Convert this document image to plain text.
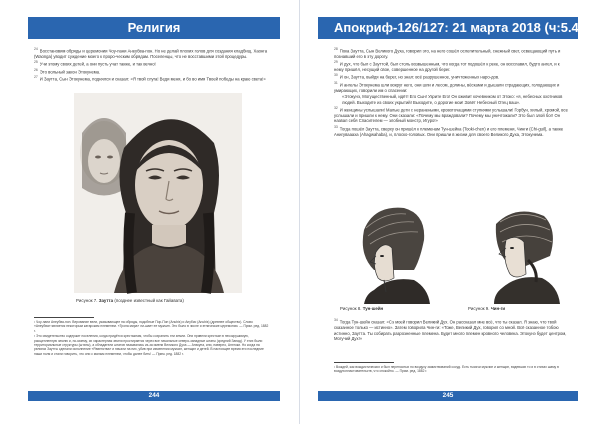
Религия

$^{24}$ Восстановим обряды и церемонии Чоу-пани Анеубва-пон. Но не делай плохих голов для создания кладбищ. Хаонга (Waonga) уводит суждение моего к проро-ческим обрядам. Поселенцы, что не восставшими этой процедуры.

$^{25}$ Учи этому своих детей, а они пусть учат также, и так вечно!

$^{26}$ Это вольный закон Этокунема.

$^{27}$ И Заутта, Сын Этокунема, поднялся и сказал: «Я твой слуга! Веди меня, и бо во имя Твоей победы на краю света!»

Рисунок 7. Заутта (позднее известный как Гайавата)

¹ Чоу-пани Анеубва-пон. Верование вели, указывающее на обряды, подобные Пор-Пон (Anubis) и Анубис (Anubis) (древнее общество). Слово «Анеубва» является некоторым катарским племенем. «Тропа мира» ли-шает ее мужчин. Это было в числе и этнические церемонии. — Прим. ред. 1882 г.

² Это свидетельство содержит поселения, когда придётся крестьянам, чтобы сохранить эти земли. Они привели крестьян в несокрушимую, расщепленную землю и, по-моему, их характерная земля простирается через все начальные северо-западные штаты (средний Запад). У этих были территориальные структуры (штаты), а обладатели штатов назывались из-за имени Великого Духа — Анэкуна, или, наверно, Анэтоки. Но когда на религии Заутты сделали исполнение «Равенства» и начали на них, убив при изменении мужчин, женщин и детей. В настоящее время эти последние наши поля и стали говорить, что они с малым племенем, чтобы далее бить! — Прим. ред. 1882 г.

244
Апокриф-126/127: 21 марта 2018 (ч:5.4 е.л.)

$^{28}$ Пока Заутта, Сын Великого Духа, говорил это, на него сошёл ослепительный, снежный свет, освещающий путь и познавший его в эту дорогу.

$^{29}$ И дух, что был с Зауттой, был столь возвышенным, что когда тот подошёл к реке, он восславил, будто ангел, и к нему пришёл, несущий свое, совершенное на другой берег.

$^{30}$ И он, Заутта, выйдя на берег, но знал: всё разрушенное, уничтоженных наро-дов.

$^{31}$ И ангелы Этокунема шли вокруг него, они шли и лесом, долины, вёсками и дышали страдающих, голодающих и умирающих, говорили им о спасении:

«Этокунэ, Могущественный, идёт! Его Сын! Узрите Его! Он оживит кочевником от Этоко: «я, небесных охотников людей. Выходите из своих укрытий! Выходите, о дорогие мои! Зовёт Небесный Отец ваш».

$^{32}$ И женщины услышали! Малые дети с неранеными, кровоточащими ступнями услышали! Горбун, хилый, хромой, все услышали и пришли к нему. Они сказали: «Почему мы враждовали? Почему мы уничтожали? Это был злой бог! Он назвал себя Спасителем — злобный монстр, Игуро!»

$^{33}$ Тогда пошёл Заутта, сверху он пришёл к племенам Тун-шейка (Tooki-chen) и его племени, Чинги (Chi-guil), а также Анигуваааха (Ahagwahaba), и, плоско-головых. Они пришли в жизни для своего Великого Духа, Этокунема.

Рисунок 8. Тун-шейн	Рисунок 9. Чин-ги

$^{34}$ Тогда Тун-шейн сказал: «Сэ моей говорил Великий Дух. Он рассказал мне всё, что ты сказал. Я знаю, что твой сказанное только — истинно». Затем говорила Чин-ги: «Тоже, Великий Дух, говорил со мной. Всё сказанное тобою истинно, Заутта. Ты собирать разрозненные племена. Будет много племен кровного человека. Этокунэ будет центром, Могучий Дух!»

¹ Вождей, как вождистических и был переносных по воздуху заимствований сосуд. Есть тысячи мужчин и женщин, видевших то и в стихах шаму в воздухопластовательств, что спокойно. — Прим. ред. 1882 г.
245
